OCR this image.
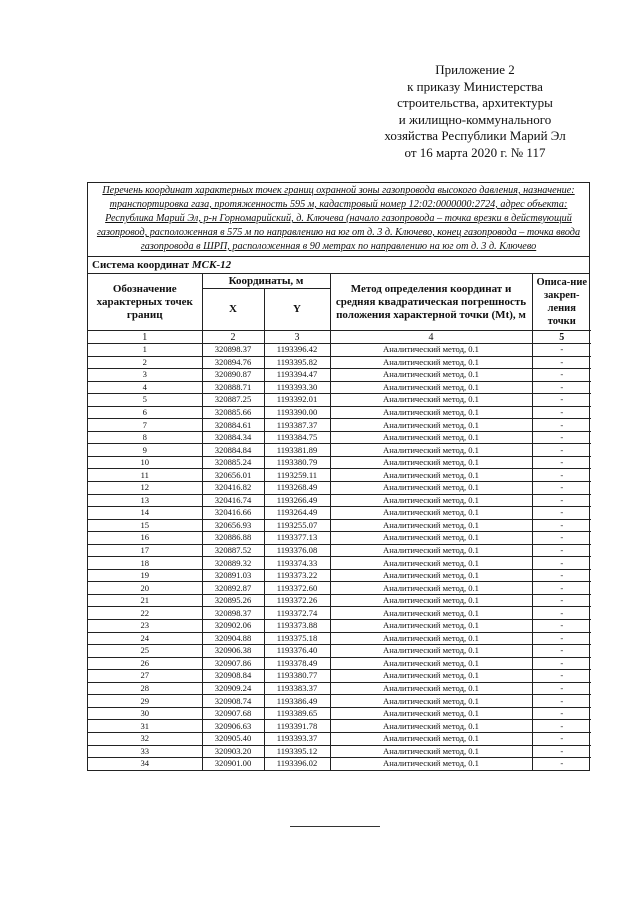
Приложение 2
к приказу Министерства
строительства, архитектуры
и жилищно-коммунального
хозяйства Республики Марий Эл
от 16 марта 2020 г. № 117
Перечень координат характерных точек границ охранной зоны газопровода высокого давления, назначение: транспортировка газа, протяженность 595 м, кадастровый номер 12:02:0000000:2724, адрес объекта: Республика Марий Эл, р-н Горномарийский, д. Ключева (начало газопровода – точка врезки в действующий газопровод, расположенная в 575 м по направлению на юг от д. 3 д. Ключево, конец газопровода – точка ввода газопровода в ШРП, расположенная в 90 метрах по направлению на юг от д. 3 д. Ключево
Система координат МСК-12
Обозначение характерных точек границ	Координаты, м		Метод определения координат и средняя квадратическая погрешность положения характерной точки (Mt), м	Описа-ние закреп-ления точки
	X	Y		
1	2	3	4	5
1	320898.37	1193396.42	Аналитический метод, 0.1	-
2	320894.76	1193395.82	Аналитический метод, 0.1	-
3	320890.87	1193394.47	Аналитический метод, 0.1	-
4	320888.71	1193393.30	Аналитический метод, 0.1	-
5	320887.25	1193392.01	Аналитический метод, 0.1	-
6	320885.66	1193390.00	Аналитический метод, 0.1	-
7	320884.61	1193387.37	Аналитический метод, 0.1	-
8	320884.34	1193384.75	Аналитический метод, 0.1	-
9	320884.84	1193381.89	Аналитический метод, 0.1	-
10	320885.24	1193380.79	Аналитический метод, 0.1	-
11	320656.01	1193259.11	Аналитический метод, 0.1	-
12	320416.82	1193268.49	Аналитический метод, 0.1	-
13	320416.74	1193266.49	Аналитический метод, 0.1	-
14	320416.66	1193264.49	Аналитический метод, 0.1	-
15	320656.93	1193255.07	Аналитический метод, 0.1	-
16	320886.88	1193377.13	Аналитический метод, 0.1	-
17	320887.52	1193376.08	Аналитический метод, 0.1	-
18	320889.32	1193374.33	Аналитический метод, 0.1	-
19	320891.03	1193373.22	Аналитический метод, 0.1	-
20	320892.87	1193372.60	Аналитический метод, 0.1	-
21	320895.26	1193372.26	Аналитический метод, 0.1	-
22	320898.37	1193372.74	Аналитический метод, 0.1	-
23	320902.06	1193373.88	Аналитический метод, 0.1	-
24	320904.88	1193375.18	Аналитический метод, 0.1	-
25	320906.38	1193376.40	Аналитический метод, 0.1	-
26	320907.86	1193378.49	Аналитический метод, 0.1	-
27	320908.84	1193380.77	Аналитический метод, 0.1	-
28	320909.24	1193383.37	Аналитический метод, 0.1	-
29	320908.74	1193386.49	Аналитический метод, 0.1	-
30	320907.68	1193389.65	Аналитический метод, 0.1	-
31	320906.63	1193391.78	Аналитический метод, 0.1	-
32	320905.40	1193393.37	Аналитический метод, 0.1	-
33	320903.20	1193395.12	Аналитический метод, 0.1	-
34	320901.00	1193396.02	Аналитический метод, 0.1	-
